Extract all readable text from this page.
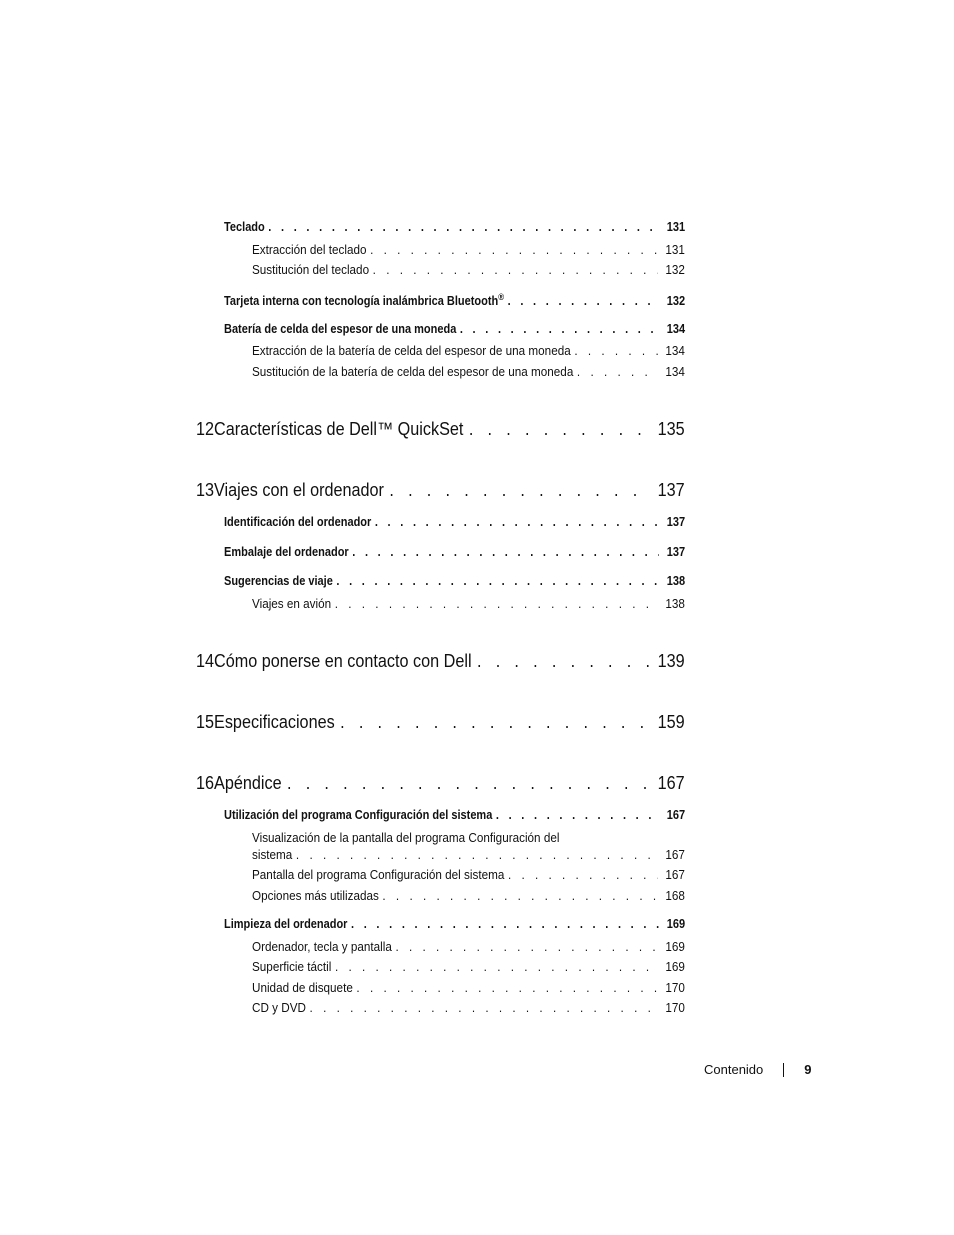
Teclado . . .	131
Extracción del teclado . . .	131
Sustitución del teclado . . .	132
Tarjeta interna con tecnología inalámbrica Bluetooth® . . .	132
Batería de celda del espesor de una moneda . . .	134
Extracción de la batería de celda del espesor de una moneda . . .	134
Sustitución de la batería de celda del espesor de una moneda . . .	134
12 Características de Dell™ QuickSet . . .	135
13 Viajes con el ordenador . . .	137
Identificación del ordenador . . .	137
Embalaje del ordenador . . .	137
Sugerencias de viaje . . .	138
Viajes en avión . . .	138
14 Cómo ponerse en contacto con Dell . . .	139
15 Especificaciones . . .	159
16 Apéndice . . .	167
Utilización del programa Configuración del sistema . . .	167
Visualización de la pantalla del programa Configuración del
sistema . . .	167
Pantalla del programa Configuración del sistema . . .	167
Opciones más utilizadas . . .	168
Limpieza del ordenador . . .	169
Ordenador, tecla y pantalla . . .	169
Superficie táctil . . .	169
Unidad de disquete . . .	170
CD y DVD . . .	170
Contenido	9
